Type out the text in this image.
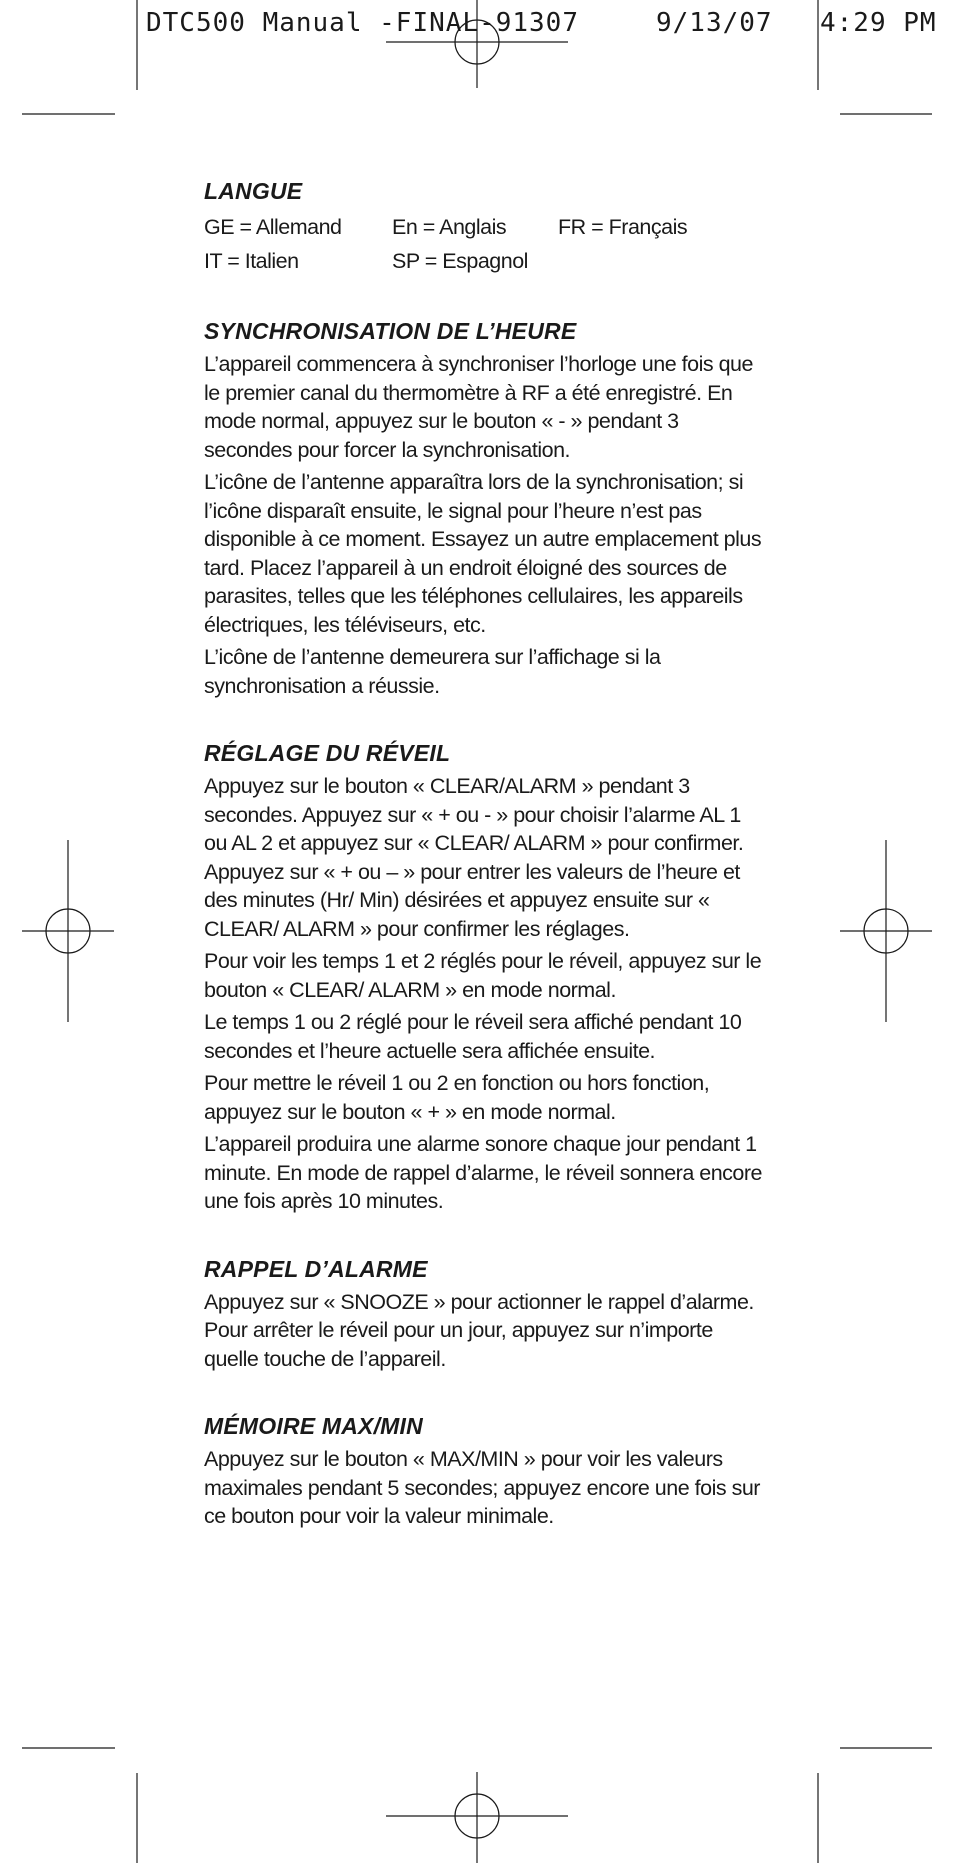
DTC500 Manual -FINAL-91307

	9/13/07

4:29 PM

LANGUE
GE = Allemand	En = Anglais	FR = Français
IT = Italien	SP = Espagnol
SYNCHRONISATION DE L’HEURE

L’appareil commencera à synchroniser l’horloge une fois que le premier canal du thermomètre à RF a été enregistré. En mode normal, appuyez sur le bouton « - » pendant 3 secondes pour forcer la synchronisation.

L’icône de l’antenne apparaîtra lors de la synchronisation; si l’icône disparaît ensuite, le signal pour l’heure n’est pas disponible à ce moment. Essayez un autre emplacement plus tard. Placez l’appareil à un endroit éloigné des sources de parasites, telles que les téléphones cellulaires, les appareils électriques, les téléviseurs, etc.

L’icône de l’antenne demeurera sur l’affichage si la synchronisation a réussie.

RÉGLAGE DU RÉVEIL

Appuyez sur le bouton « CLEAR/ALARM » pendant 3 secondes. Appuyez sur « + ou - » pour choisir l’alarme AL 1 ou AL 2 et appuyez sur « CLEAR/ ALARM » pour confirmer. Appuyez sur « + ou – » pour entrer les valeurs de l’heure et des minutes (Hr/ Min) désirées et appuyez ensuite sur « CLEAR/ ALARM » pour confirmer les réglages.

Pour voir les temps 1 et 2 réglés pour le réveil, appuyez sur le bouton « CLEAR/ ALARM » en mode normal.

Le temps 1 ou 2 réglé pour le réveil sera affiché pendant 10 secondes et l’heure actuelle sera affichée ensuite.

Pour mettre le réveil 1 ou 2 en fonction ou hors fonction, appuyez sur le bouton « + » en mode normal.

L’appareil produira une alarme sonore chaque jour pendant 1 minute. En mode de rappel d’alarme, le réveil sonnera encore une fois après 10 minutes.

RAPPEL D’ALARME

Appuyez sur « SNOOZE » pour actionner le rappel d’alarme. Pour arrêter le réveil pour un jour, appuyez sur n’importe quelle touche de l’appareil.

MÉMOIRE MAX/MIN

Appuyez sur le bouton « MAX/MIN » pour voir les valeurs maximales pendant 5 secondes; appuyez encore une fois sur ce bouton pour voir la valeur minimale.
